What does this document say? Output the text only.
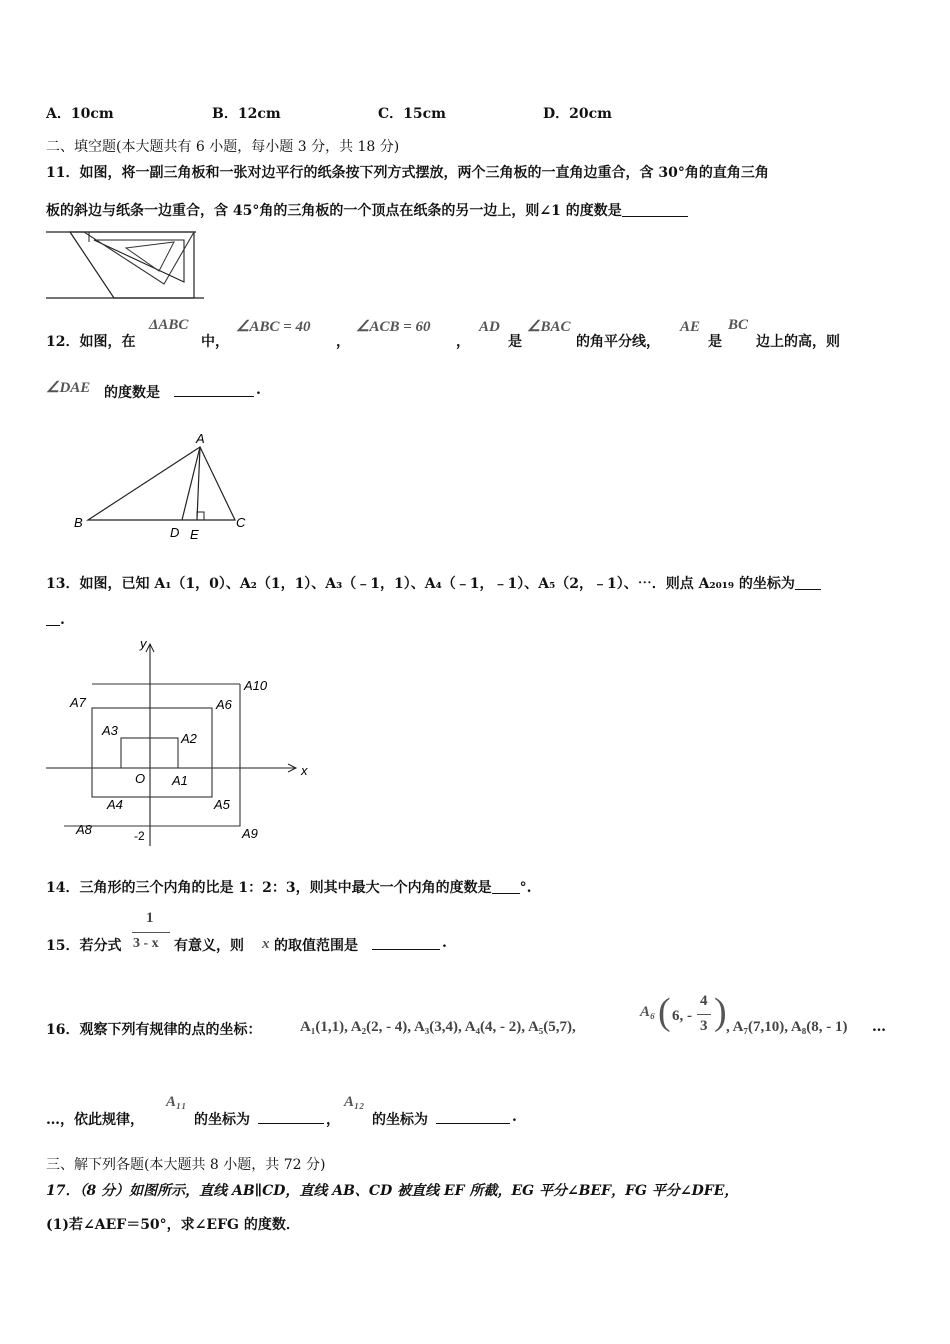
A．10cm	B．12cm	C．15cm	D．20cm
二、填空题(本大题共有 6 小题，每小题 3 分，共 18 分)
11．如图，将一副三角板和一张对边平行的纸条按下列方式摆放，两个三角板的一直角边重合，含 30°角的直角三角
板的斜边与纸条一边重合，含 45°角的三角板的一个顶点在纸条的另一边上，则∠1 的度数是
12．如图，在
ΔABC
中，
∠ABC = 40
，
∠ACB = 60
，
AD
是
∠BAC
的角平分线，
AE
是
BC
边上的高，则
∠DAE 的度数是	.
A
B
D E
C
13．如图，已知 A₁（1，0）、A₂（1，1）、A₃（﹣1，1）、A₄（﹣1，﹣1）、A₅（2，﹣1）、⋯．则点 A₂₀₁₉ 的坐标为
.
x
y
O
-2
A1
A2
A3
A4	A5
A6
A7
A8	A9
A10
14．三角形的三个内角的比是 1：2：3，则其中最大一个内角的度数是 °.
15．若分式
1
3 - x 有意义，则 x 的取值范围是	.
16．观察下列有规律的点的坐标：	A₁(1,1), A₂(2, - 4), A₃(3,4), A₄(4, - 2), A₅(5,7),
A₆ ( 6, -
4
3 ) , A₇(7,10), A₈(8, - 1) …
…，依此规律，
A₁₁
的坐标为	，
A₁₂
的坐标为	.
三、解下列各题(本大题共 8 小题，共 72 分)
17．（8 分）如图所示，直线 AB∥CD，直线 AB、CD 被直线 EF 所截，EG 平分∠BEF，FG 平分∠DFE，
(1)若∠AEF＝50°，求∠EFG 的度数．
